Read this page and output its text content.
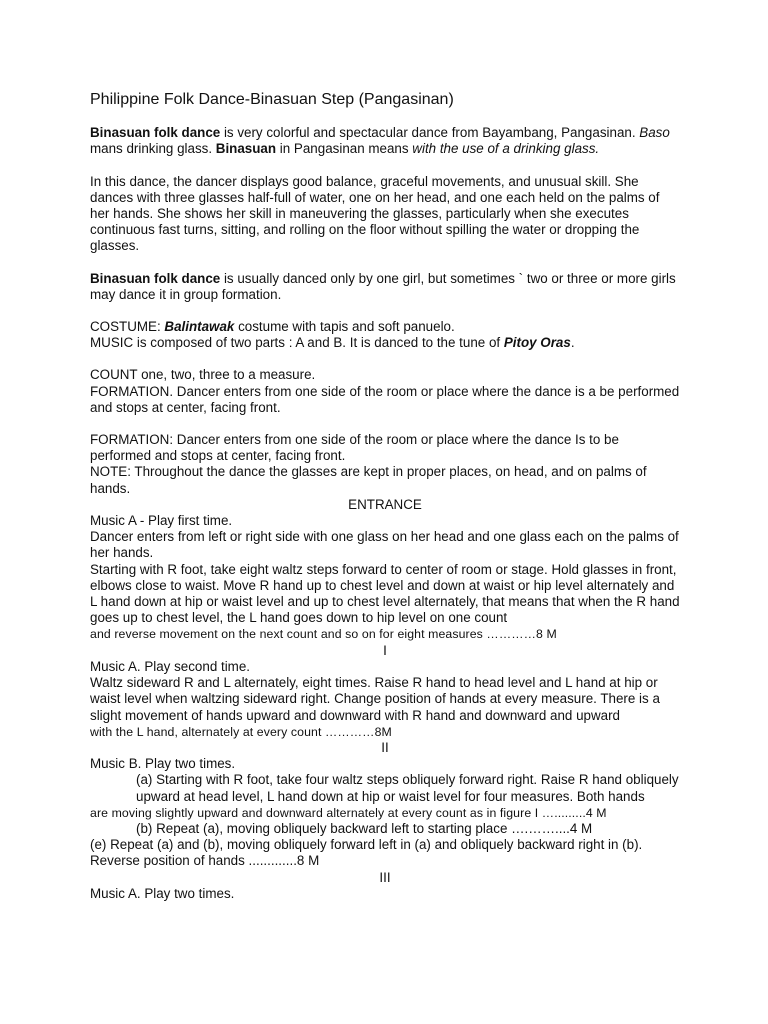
Philippine Folk Dance-Binasuan Step (Pangasinan)

Binasuan folk dance is very colorful and spectacular dance from Bayambang, Pangasinan. Baso mans drinking glass. Binasuan in Pangasinan means with the use of a drinking glass.

In this dance, the dancer displays good balance, graceful movements, and unusual skill. She dances with three glasses half-full of water, one on her head, and one each held on the palms of her hands. She shows her skill in maneuvering the glasses, particularly when she executes continuous fast turns, sitting, and rolling on the floor without spilling the water or dropping the glasses.

Binasuan folk dance is usually danced only by one girl, but sometimes ` two or three or more girls may dance it in group formation.

COSTUME: Balintawak costume with tapis and soft panuelo.

MUSIC is composed of two parts : A and B. It is danced to the tune of Pitoy Oras.

COUNT one, two, three to a measure.

FORMATION. Dancer enters from one side of the room or place where the dance is a be performed and stops at center, facing front.

FORMATION: Dancer enters from one side of the room or place where the dance Is to be performed and stops at center, facing front.

NOTE: Throughout the dance the glasses are kept in proper places, on head, and on palms of hands.

ENTRANCE

Music A - Play first time.

Dancer enters from left or right side with one glass on her head and one glass each on the palms of her hands.

Starting with R foot, take eight waltz steps forward to center of room or stage. Hold glasses in front, elbows close to waist. Move R hand up to chest level and down at waist or hip level alternately and L hand down at hip or waist level and up to chest level alternately, that means that when the R hand goes up to chest level, the L hand goes down to hip level on one count

and reverse movement on the next count and so on for eight measures …………8 M

I

Music A. Play second time.

Waltz sideward R and L alternately, eight times. Raise R hand to head level and L hand at hip or waist level when waltzing sideward right. Change position of hands at every measure. There is a slight movement of hands upward and downward with R hand and downward and upward

with the L hand, alternately at every count …………8M

II

Music B. Play two times.

(a) Starting with R foot, take four waltz steps obliquely forward right. Raise R hand obliquely upward at head level, L hand down at hip or waist level for four measures. Both hands

are moving slightly upward and downward alternately at every count as in figure I ….........4 M

(b) Repeat (a), moving obliquely backward left to starting place ….……....4 M

(e) Repeat (a) and (b), moving obliquely forward left in (a) and obliquely backward right in (b). Reverse position of hands .............8 M

III

Music A. Play two times.
